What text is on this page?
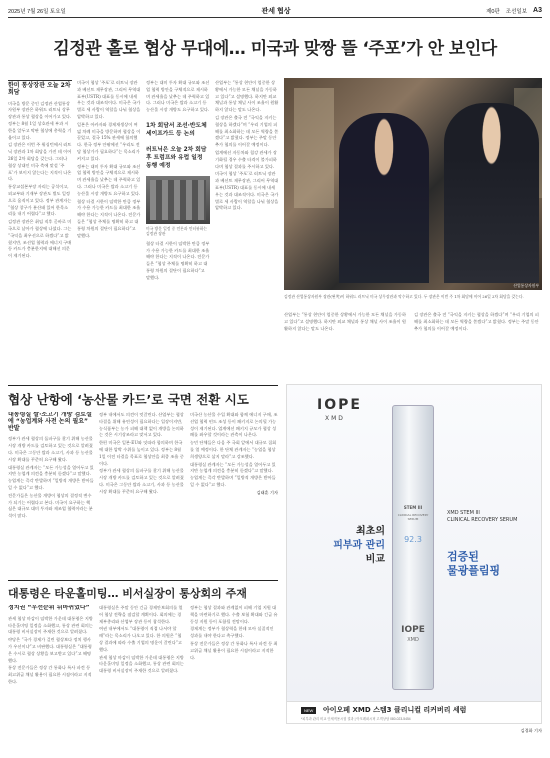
2025년 7월 26일 토요일	관세 협상	제0판 조선일보 A3
김정관 홀로 협상 무대에… 미국과 맞짱 뜰 ‘주포’가 안 보인다
한미 통상장관 오늘 2차 회담

미국을 방문 중인 김정관 산업통상자원부 장관은 하워드 러트닉 상무장관과 통상 협상을 이어가고 있다. 정부는 8월 1일 상호관세 부과 시한을 앞두고 막판 협상에 총력을 기울이고 있다.

김 장관은 이번 주 워싱턴에서 러트닉 장관과 1차 회담을 가진 데 이어 26일 2차 회담을 갖는다. 그러나 협상 상대인 미국 측에 맞설 ‘주포’가 보이지 않는다는 지적이 나온다.

통상교섭본부장 자리는 공석이고, 외교부와 기재부 장관도 별도 일정으로 움직이고 있다. 정부 관계자는 “협상 창구가 분산돼 있어 한목소리를 내기 어렵다”고 했다.

김정관 장관은 취임 직후 곧바로 미국으로 날아가 협상에 나섰다. 그는 “국익을 최우선으로 하겠다”고 밝혔지만, 조선업 협력과 에너지 구매 등 카드가 충분한지에 대해선 의문이 제기된다.

미국이 협상 ‘주포’로 러트닉 장관과 베선트 재무장관, 그리어 무역대표부(USTR) 대표를 동시에 내세우는 것과 대조적이다. 미국은 국가별로 세 사람이 역할을 나눠 협상을 압박하고 있다.

일본은 아카자와 경제재생상이 여덟 차례 미국을 방문하며 협상을 이끌었고, 결국 15% 관세에 합의했다. 한국 정부 안팎에선 “우리도 전담 협상가가 필요하다”는 목소리가 커지고 있다.

정부는 대미 투자 확대 규모와 조선업 협력 방안을 구체적으로 제시하며 관세율을 낮추는 데 주력하고 있다. 그러나 미국은 쌀과 소고기 등 농산물 시장 개방도 요구하고 있다.

협상 타결 시한이 임박한 만큼 정부가 수용 가능한 카드를 최대한 조율해야 한다는 지적이 나온다. 전문가들은 “협상 주체를 명확히 하고 대통령 차원의 결단이 필요하다”고 말했다.

정부는 대미 투자 확대 규모와 조선업 협력 방안을 구체적으로 제시하며 관세율을 낮추는 데 주력하고 있다. 그러나 미국은 쌀과 소고기 등 농산물 시장 개방도 요구하고 있다.

1차 회담서 조선·반도체 세이프가드 등 논의
러트닉은 오늘 2차 회담 후 트럼프와 유럽 일정 동행 예정
미국 방문 일정 중 언론과 인터뷰하는 김정관 장관

협상 타결 시한이 임박한 만큼 정부가 수용 가능한 카드를 최대한 조율해야 한다는 지적이 나온다. 전문가들은 “협상 주체를 명확히 하고 대통령 차원의 결단이 필요하다”고 말했다.

산업부는 “통상 현안이 엄중한 상황에서 가능한 모든 채널을 가동하고 있다”고 설명했다. 하지만 외교 채널과 통상 채널 사이 조율이 원활하지 않다는 말도 나온다.

김 장관은 출국 전 “국익을 지키는 협상을 하겠다”며 “우리 기업의 피해를 최소화하는 데 모든 역량을 쏟겠다”고 밝혔다. 정부는 주말 동안 추가 협의를 이어갈 예정이다.

업계에선 자동차와 철강 관세가 장기화될 경우 수출 타격이 불가피하다며 협상 결과를 주시하고 있다.

미국이 협상 ‘주포’로 러트닉 장관과 베선트 재무장관, 그리어 무역대표부(USTR) 대표를 동시에 내세우는 것과 대조적이다. 미국은 국가별로 세 사람이 역할을 나눠 협상을 압박하고 있다.

산업통상자원부
김정관 산업통상자원부 장관(왼쪽)이 하워드 러트닉 미국 상무장관과 악수하고 있다. 두 장관은 이번 주 1차 회담에 이어 26일 2차 회담을 갖는다.

산업부는 “통상 현안이 엄중한 상황에서 가능한 모든 채널을 가동하고 있다”고 설명했다. 하지만 외교 채널과 통상 채널 사이 조율이 원활하지 않다는 말도 나온다.

김 장관은 출국 전 “국익을 지키는 협상을 하겠다”며 “우리 기업의 피해를 최소화하는 데 모든 역량을 쏟겠다”고 밝혔다. 정부는 주말 동안 추가 협의를 이어갈 예정이다.

협상 난항에 ‘농산물 카드’로 국면 전환 시도
대통령실 쌀·소고기 개방 검토설에 “농업계와 사전 논의 필요” 반발

정부가 관세 협상의 돌파구를 찾기 위해 농산물 시장 개방 카드를 검토하고 있는 것으로 알려졌다. 미국은 그동안 쌀과 소고기, 사과 등 농산물 시장 확대를 꾸준히 요구해 왔다.

대통령실 관계자는 “모든 가능성을 열어두고 있지만 농업계 의견을 충분히 듣겠다”고 말했다. 농업계는 즉각 반발하며 “일방적 개방은 받아들일 수 없다”고 했다.

전문가들은 농산물 개방이 협상의 결정적 변수가 되기는 어렵다고 본다. 미국이 요구하는 핵심은 대규모 대미 투자와 제조업 협력이라는 분석이 많다.

정부 내에서도 의견이 엇갈린다. 산업부는 협상 타결을 위해 유연성이 필요하다는 입장이지만, 농식품부는 농가 피해 대책 없이 개방을 논의하는 것은 시기상조라고 맞서고 있다.

한편 미국은 일본·EU와 잇따라 합의하며 한국에 대한 압박 수위를 높이고 있다. 정부는 8월 1일 이전 타결을 목표로 협상안을 최종 조율 중이다.

정부가 관세 협상의 돌파구를 찾기 위해 농산물 시장 개방 카드를 검토하고 있는 것으로 알려졌다. 미국은 그동안 쌀과 소고기, 사과 등 농산물 시장 확대를 꾸준히 요구해 왔다.

미국산 농산물 수입 확대와 함께 에너지 구매, 조선업 협력 펀드 조성 등이 패키지로 논의될 가능성이 제기된다. 업계에선 패키지 규모가 협상 성패를 좌우할 것이라는 관측이 나온다.

농민 단체들은 다음 주 국회 앞에서 대규모 집회를 열 예정이다. 한 단체 관계자는 “농업을 협상 희생양으로 삼지 말라”고 강조했다.

대통령실 관계자는 “모든 가능성을 열어두고 있지만 농업계 의견을 충분히 듣겠다”고 말했다. 농업계는 즉각 반발하며 “일방적 개방은 받아들일 수 없다”고 했다.

김태훈 기자

대통령은 타운홀미팅… 비서실장이 통상회의 주재
정치권 “우선순위 뒤바뀌었다”

관세 협상 마감이 임박한 가운데 대통령은 지방 타운홀미팅 일정을 소화했고, 통상 관련 회의는 대통령 비서실장이 주재한 것으로 알려졌다.

야당은 “국가 경제가 걸린 협상보다 정치 행사가 우선이냐”고 비판했다. 대통령실은 “대통령은 수시로 협상 상황을 보고받고 있다”고 해명했다.

통상 전문가들은 정상 간 통화나 특사 파견 등 최고위급 채널 활용이 필요한 시점이라고 지적한다.

대통령실은 주말 동안 긴급 경제안보회의를 열어 협상 전략을 점검할 계획이다. 회의에는 경제부총리와 산업부 장관 등이 참석한다.

여권 내부에서도 “대통령이 직접 나서야 할 때”라는 목소리가 나오고 있다. 한 의원은 “협상 결과에 따라 수출 기업의 명운이 갈린다”고 했다.

관세 협상 마감이 임박한 가운데 대통령은 지방 타운홀미팅 일정을 소화했고, 통상 관련 회의는 대통령 비서실장이 주재한 것으로 알려졌다.

정부는 협상 결과와 관계없이 피해 기업 지원 대책을 마련하기로 했다. 수출 보험 확대와 긴급 유동성 지원 등이 포함될 전망이다.

경제계는 정부가 협상력을 한데 모아 실질적인 성과를 내야 한다고 촉구했다.

통상 전문가들은 정상 간 통화나 특사 파견 등 최고위급 채널 활용이 필요한 시점이라고 지적한다.

김경화 기자

IOPE
XMD
STEM III
CLINICAL RECOVERY SERUM
92.3
IOPE
XMD
최초의
피부과 관리
비교
XMD STEM III
CLINICAL RECOVERY SERUM
검증된
물광플림핑
NEW	아이오페 XMD 스템3 클리니컬 리커버리 세럼
*피부과 관리 비교 인체적용시험 결과 | 아모레퍼시픽 고객상담 080-023-5454
